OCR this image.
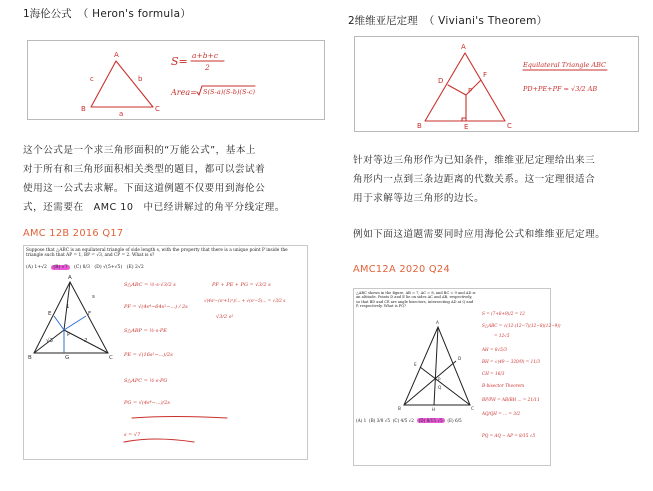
1海伦公式 （ Heron's formula）
2维维亚尼定理 （ Viviani's Theorem）
A
B	C
c	b
a
S= a+b+c
2
Area= S(S-a)(S-b)(S-c)
A
B	C
D
F
E
P
Equilateral Triangle ABC
PD+PE+PF = √3/2 AB
这个公式是一个求三角形面积的“万能公式”，基本上
对于所有和三角形面积相关类型的题目，都可以尝试着
使用这一公式去求解。下面这道例题不仅要用到海伦公
式，还需要在　AMC 10　中已经讲解过的角平分线定理。
针对等边三角形作为已知条件，维维亚尼定理给出来三
角形内一点到三条边距离的代数关系。这一定理很适合
用于求解等边三角形的边长。
例如下面这道题需要同时应用海伦公式和维维亚尼定理。
AMC 12B 2016 Q17
AMC12A 2020 Q24
Suppose that △ABC is an equilateral triangle of side length s, with the property that there is a unique point P inside the triangle such that AP = 1, BP = √3, and CP = 2. What is s?
(A) 1+√2 (B) √7 (C) 8/3 (D) √(5+√5) (E) 2√2
A
B	C
G
E	F
P
1
√3	2
s
S△ABC = ½·s·√3/2 s	PF + PE + PG = √3/2 s
√(4s²−(s²+1)²)/... + √(s²−5)... = √3/2 s
PF = √(4s⁴−64s²−...) / 2s
S△ABP = ½·s·PE
PE = √(16s²−...)/2s
S△APC = ½·s·PG
PG = √(4s⁴−...)/2s
√3/2 s²
s = √7
△ABC shown in the figure, AB = 7, AC = 8, and BC = 9 and AD is an altitude. Points D and E lie on sides AC and AB, respectively, so that BD and CE are angle bisectors, intersecting AD at Q and P, respectively. What is PQ?
(A) 1 (B) 3/8 √5 (C) 4/5 √2 (D) 8/15 √5 (E) 6/5
A
B	C
D
E
H
P
Q
S = (7+8+9)/2 = 12
S△ABC = √(12·(12−7)(12−8)(12−9))
= 12√5
AH = 8√5/3
BH = √(49 − 320/9) = 11/3
CH = 16/3
B-bisector Theorem
BP/PH = AB/BH ... = 21/11
AQ/QH = ... = 3/2
PQ = AQ − AP = 8/15 √5
